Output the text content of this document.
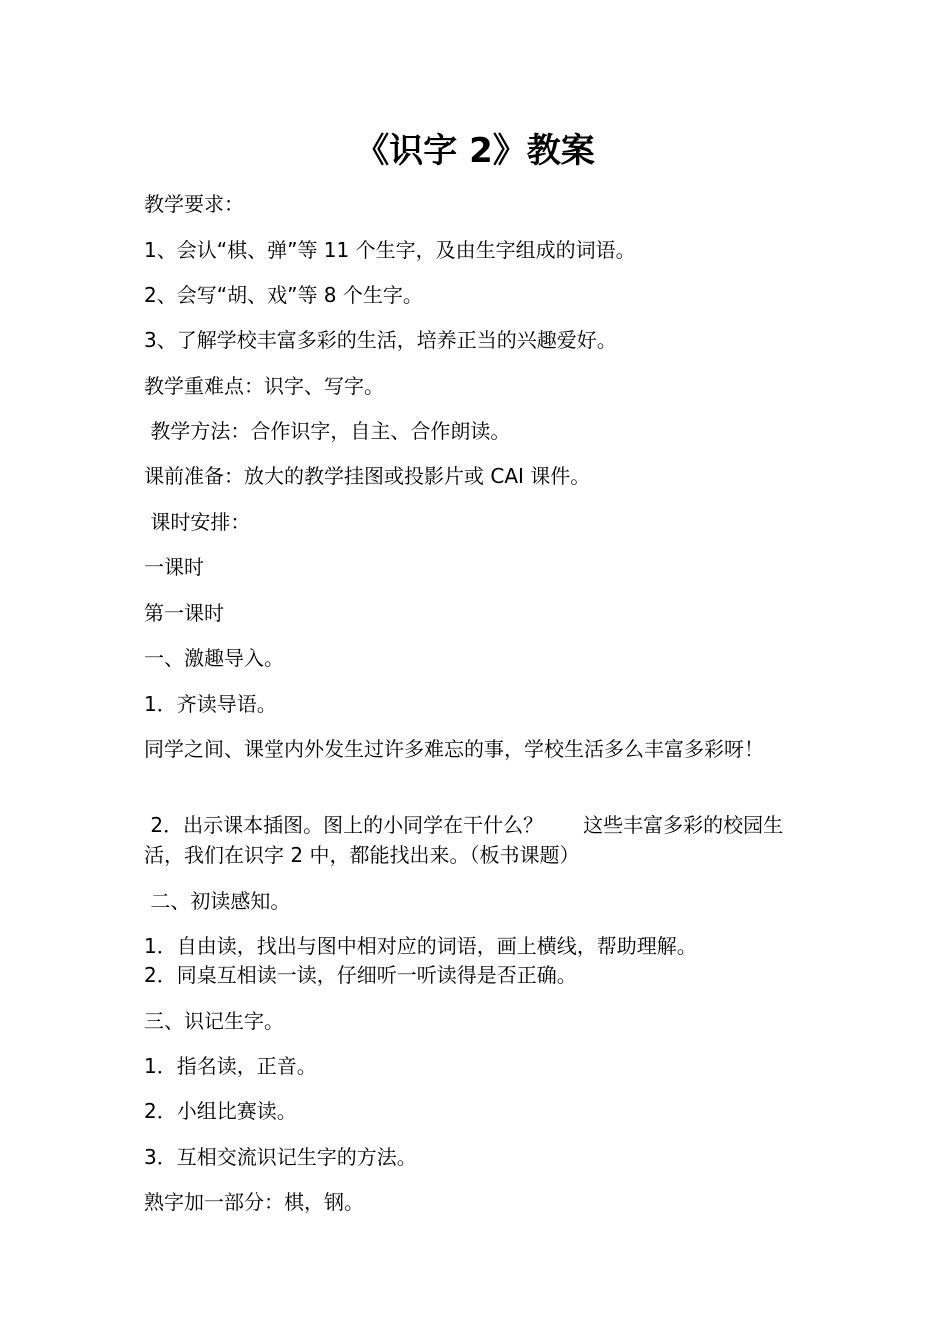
《识字 2》教案

教学要求：

1、会认“棋、弹”等 11 个生字，及由生字组成的词语。

2、会写“胡、戏”等 8 个生字。

3、了解学校丰富多彩的生活，培养正当的兴趣爱好。

教学重难点：识字、写字。

教学方法：合作识字，自主、合作朗读。

课前准备：放大的教学挂图或投影片或 CAI 课件。

课时安排：

一课时

第一课时

一、激趣导入。

1．齐读导语。

同学之间、课堂内外发生过许多难忘的事，学校生活多么丰富多彩呀！

2．出示课本插图。图上的小同学在干什么？　　这些丰富多彩的校园生活，我们在识字 2 中，都能找出来。（板书课题）

二、初读感知。

1．自由读，找出与图中相对应的词语，画上横线，帮助理解。

2．同桌互相读一读，仔细听一听读得是否正确。

三、识记生字。

1．指名读，正音。

2．小组比赛读。

3．互相交流识记生字的方法。

熟字加一部分：棋，钢。
